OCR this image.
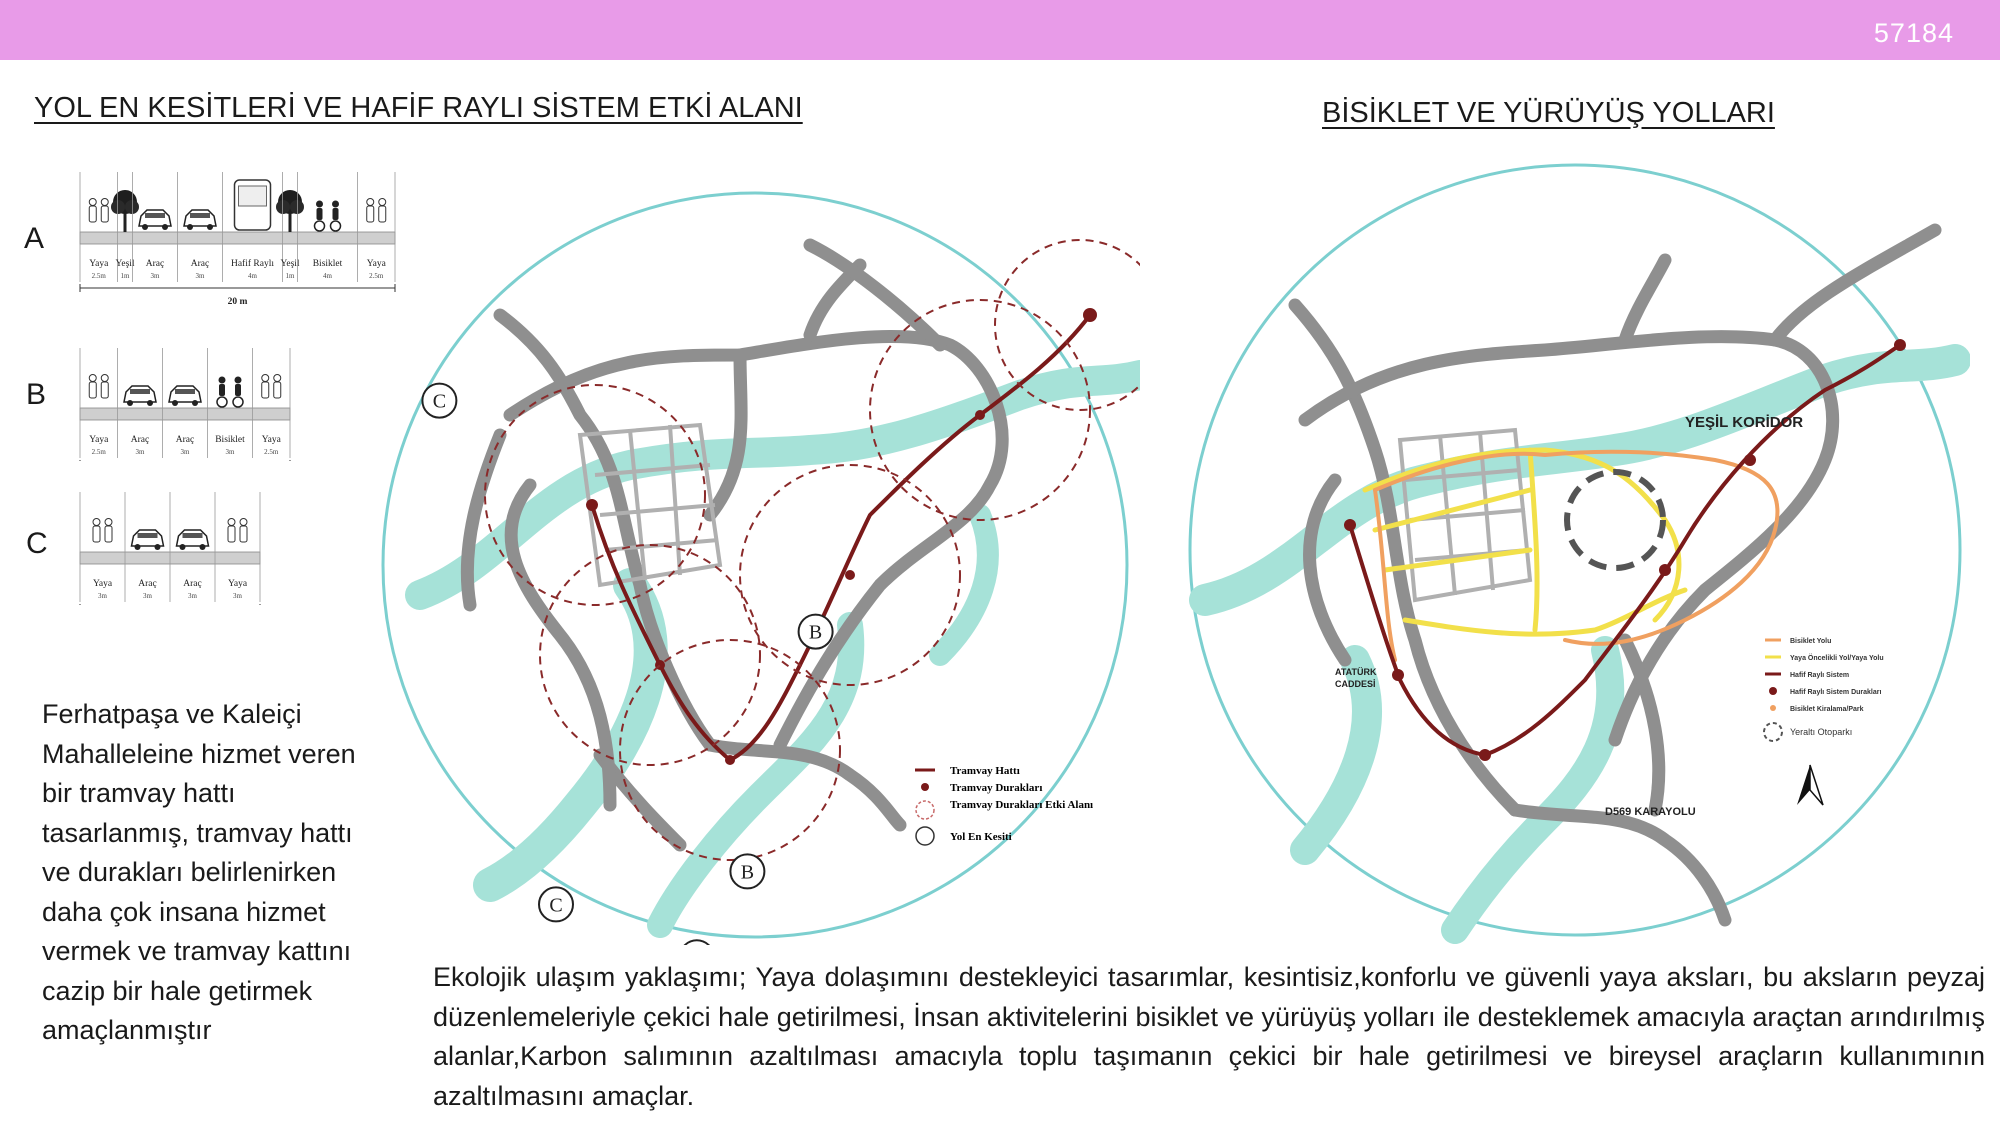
57184
YOL EN KESİTLERİ VE HAFİF RAYLI SİSTEM ETKİ ALANI	BİSİKLET VE YÜRÜYÜŞ YOLLARI
A
B
C
Yaya
2.5m
Yeşil
1m
Araç
3m
Araç
3m
Hafif Raylı
4m
Yeşil
1m
Bisiklet
4m
Yaya
2.5m
20 m
Yaya
2.5m
Araç
3m
Araç
3m
Bisiklet
3m
Yaya
2.5m
Yaya
3m
Araç
3m
Araç
3m
Yaya
3m
C
B
B
C
Tramvay Hattı
Tramvay Durakları
Tramvay Durakları Etki Alanı
Yol En Kesiti
YEŞİL KORİDOR
ATATÜRK
CADDESİ
D569 KARAYOLU
Bisiklet Yolu
Yaya Öncelikli Yol/Yaya Yolu
Hafif Raylı Sistem
Hafif Raylı Sistem Durakları
Bisiklet Kiralama/Park
Yeraltı Otoparkı
Ferhatpaşa ve Kaleiçi Mahalleleine hizmet veren bir tramvay hattı tasarlanmış, tramvay hattı ve durakları belirlenirken daha çok insana hizmet vermek ve tramvay kattını cazip bir hale getirmek amaçlanmıştır
Ekolojik ulaşım yaklaşımı; Yaya dolaşımını destekleyici tasarımlar, kesintisiz,konforlu ve güvenli yaya aksları, bu aksların peyzaj düzenlemeleriyle çekici hale getirilmesi, İnsan aktivitelerini bisiklet ve yürüyüş yolları ile desteklemek amacıyla araçtan arındırılmış alanlar,Karbon salımının azaltılması amacıyla toplu taşımanın çekici bir hale getirilmesi ve bireysel araçların kullanımının azaltılmasını amaçlar.
